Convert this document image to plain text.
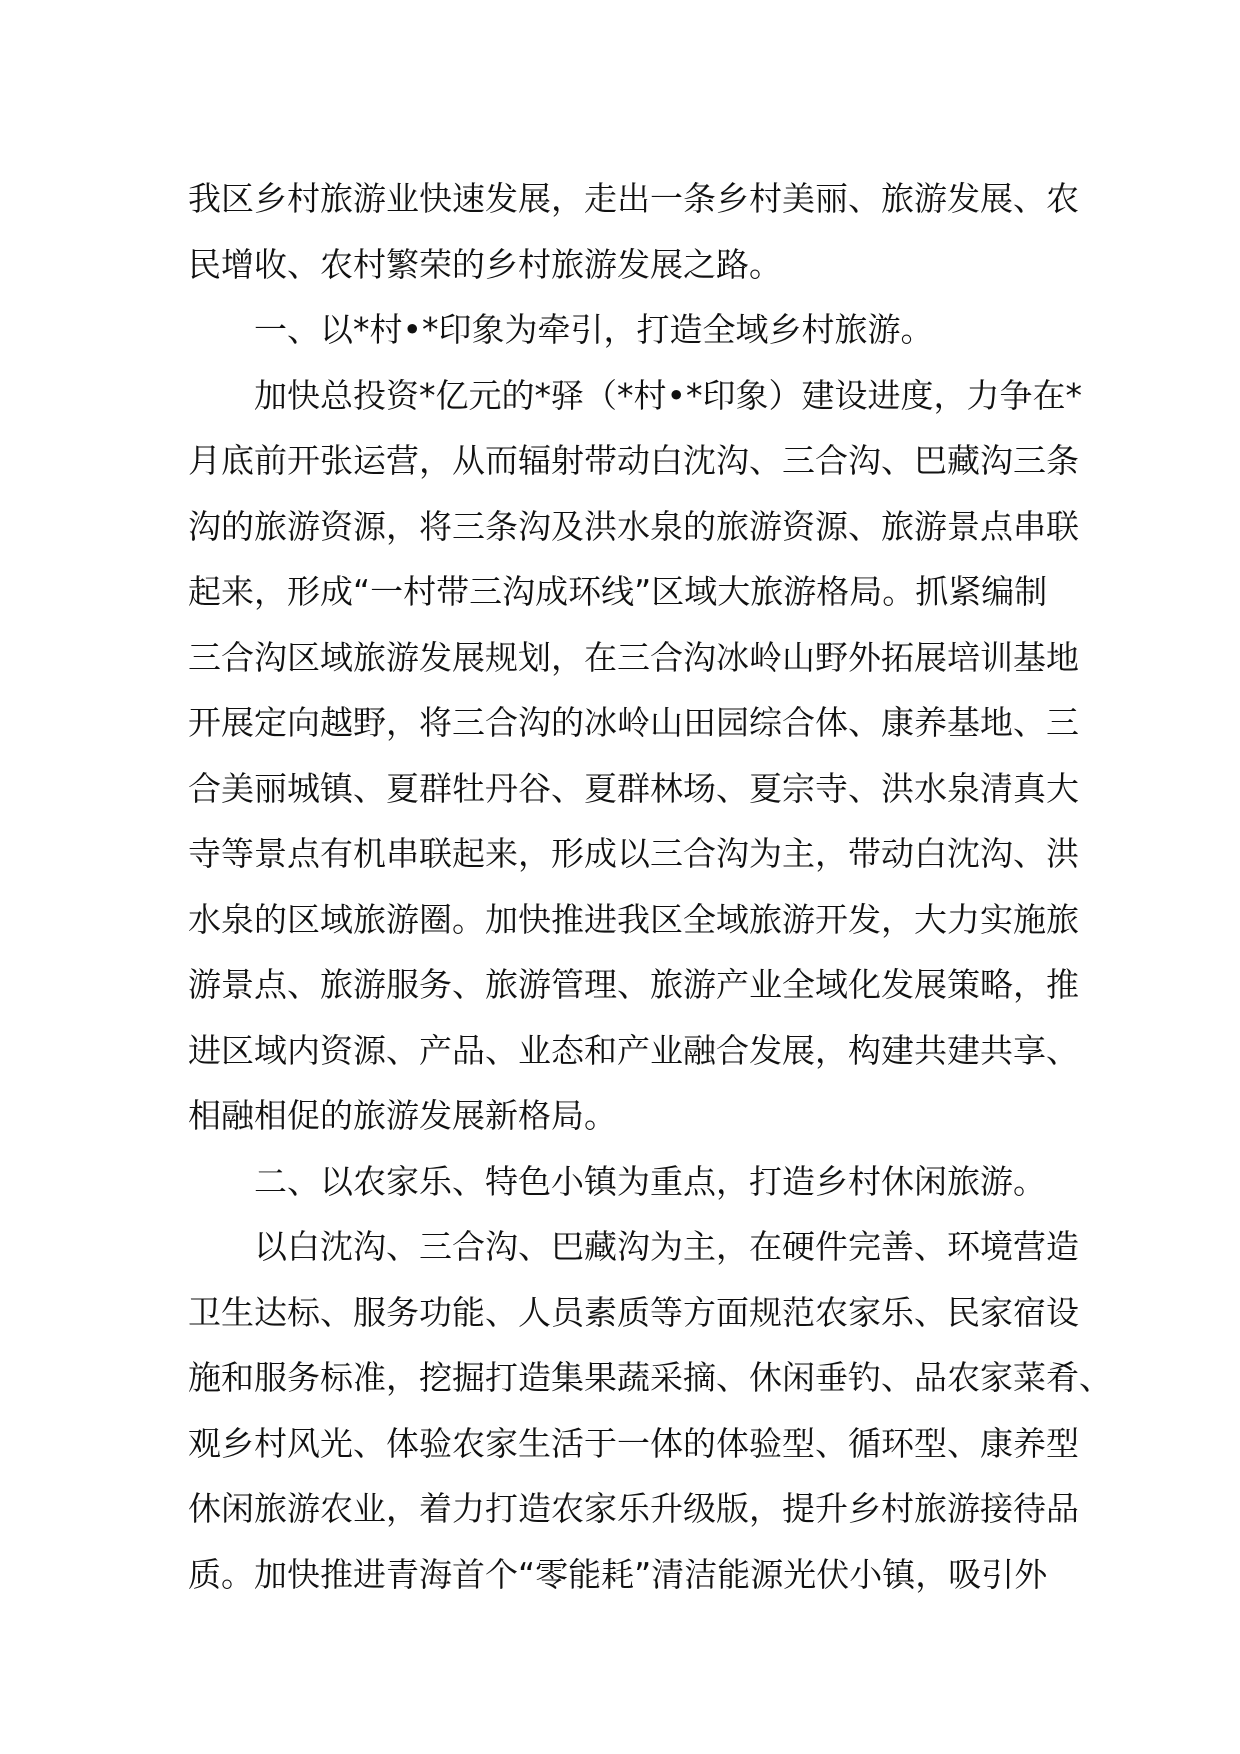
我区乡村旅游业快速发展，走出一条乡村美丽、旅游发展、农
民增收、农村繁荣的乡村旅游发展之路。
一、以*村•*印象为牵引，打造全域乡村旅游。
加快总投资*亿元的*驿（*村•*印象）建设进度，力争在*
月底前开张运营，从而辐射带动白沈沟、三合沟、巴藏沟三条
沟的旅游资源，将三条沟及洪水泉的旅游资源、旅游景点串联
起来，形成“一村带三沟成环线”区域大旅游格局。抓紧编制
三合沟区域旅游发展规划，在三合沟冰岭山野外拓展培训基地
开展定向越野，将三合沟的冰岭山田园综合体、康养基地、三
合美丽城镇、夏群牡丹谷、夏群林场、夏宗寺、洪水泉清真大
寺等景点有机串联起来，形成以三合沟为主，带动白沈沟、洪
水泉的区域旅游圈。加快推进我区全域旅游开发，大力实施旅
游景点、旅游服务、旅游管理、旅游产业全域化发展策略，推
进区域内资源、产品、业态和产业融合发展，构建共建共享、
相融相促的旅游发展新格局。
二、以农家乐、特色小镇为重点，打造乡村休闲旅游。
以白沈沟、三合沟、巴藏沟为主，在硬件完善、环境营造
卫生达标、服务功能、人员素质等方面规范农家乐、民家宿设
施和服务标准，挖掘打造集果蔬采摘、休闲垂钓、品农家菜肴、
观乡村风光、体验农家生活于一体的体验型、循环型、康养型
休闲旅游农业，着力打造农家乐升级版，提升乡村旅游接待品
质。加快推进青海首个“零能耗”清洁能源光伏小镇，吸引外
